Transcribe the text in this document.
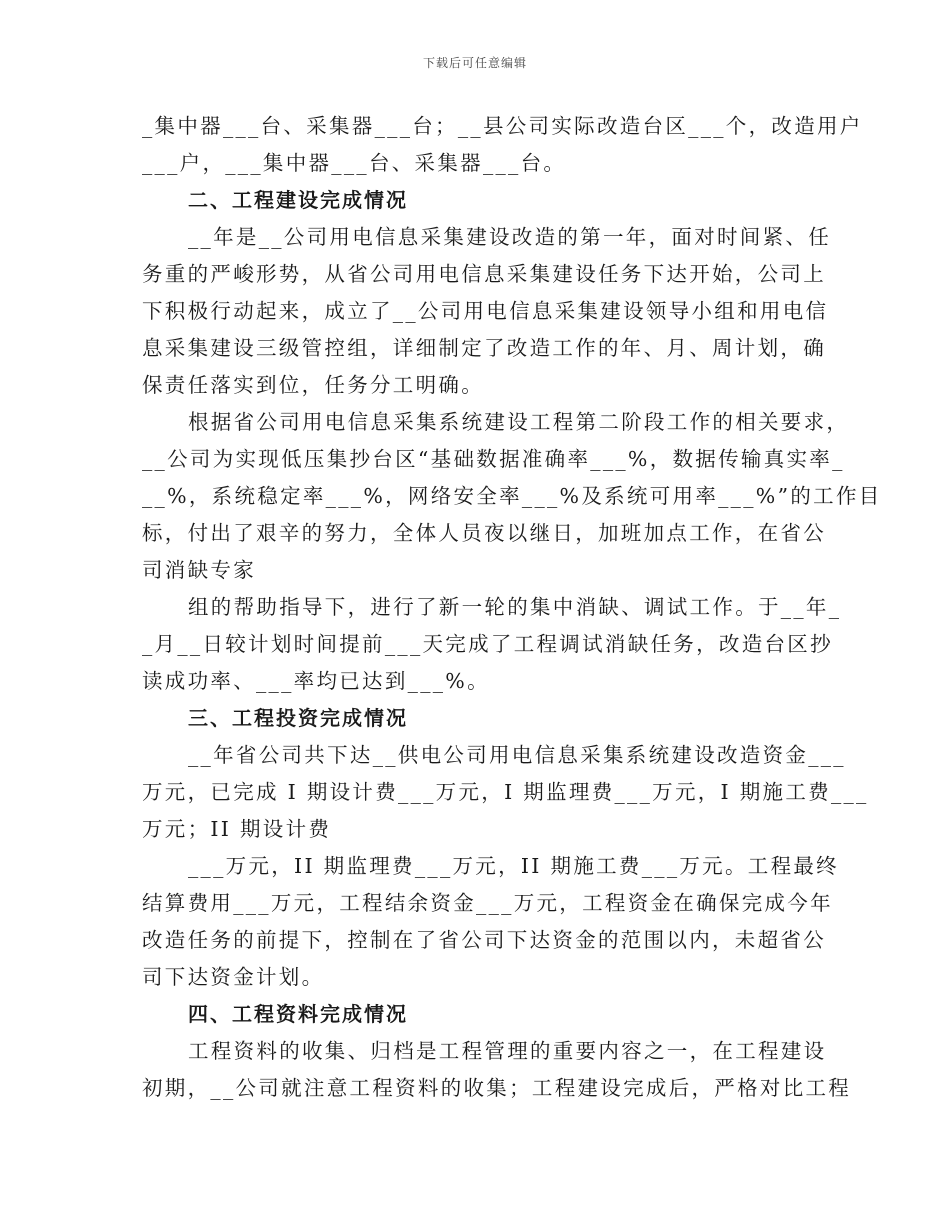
下载后可任意编辑
_集中器___台、采集器___台；__县公司实际改造台区___个，改造用户
___户，___集中器___台、采集器___台。
二、工程建设完成情况
__年是__公司用电信息采集建设改造的第一年，面对时间紧、任
务重的严峻形势，从省公司用电信息采集建设任务下达开始，公司上
下积极行动起来，成立了__公司用电信息采集建设领导小组和用电信
息采集建设三级管控组，详细制定了改造工作的年、月、周计划，确
保责任落实到位，任务分工明确。
根据省公司用电信息采集系统建设工程第二阶段工作的相关要求，
__公司为实现低压集抄台区“基础数据准确率___%，数据传输真实率_
__%，系统稳定率___%，网络安全率___%及系统可用率___%”的工作目
标，付出了艰辛的努力，全体人员夜以继日，加班加点工作，在省公
司消缺专家
组的帮助指导下，进行了新一轮的集中消缺、调试工作。于__年_
_月__日较计划时间提前___天完成了工程调试消缺任务，改造台区抄
读成功率、___率均已达到___%。
三、工程投资完成情况
__年省公司共下达__供电公司用电信息采集系统建设改造资金___
万元，已完成 I 期设计费___万元，I 期监理费___万元，I 期施工费___
万元；II 期设计费
___万元，II 期监理费___万元，II 期施工费___万元。工程最终
结算费用___万元，工程结余资金___万元，工程资金在确保完成今年
改造任务的前提下，控制在了省公司下达资金的范围以内，未超省公
司下达资金计划。
四、工程资料完成情况
工程资料的收集、归档是工程管理的重要内容之一，在工程建设
初期，__公司就注意工程资料的收集；工程建设完成后，严格对比工程
